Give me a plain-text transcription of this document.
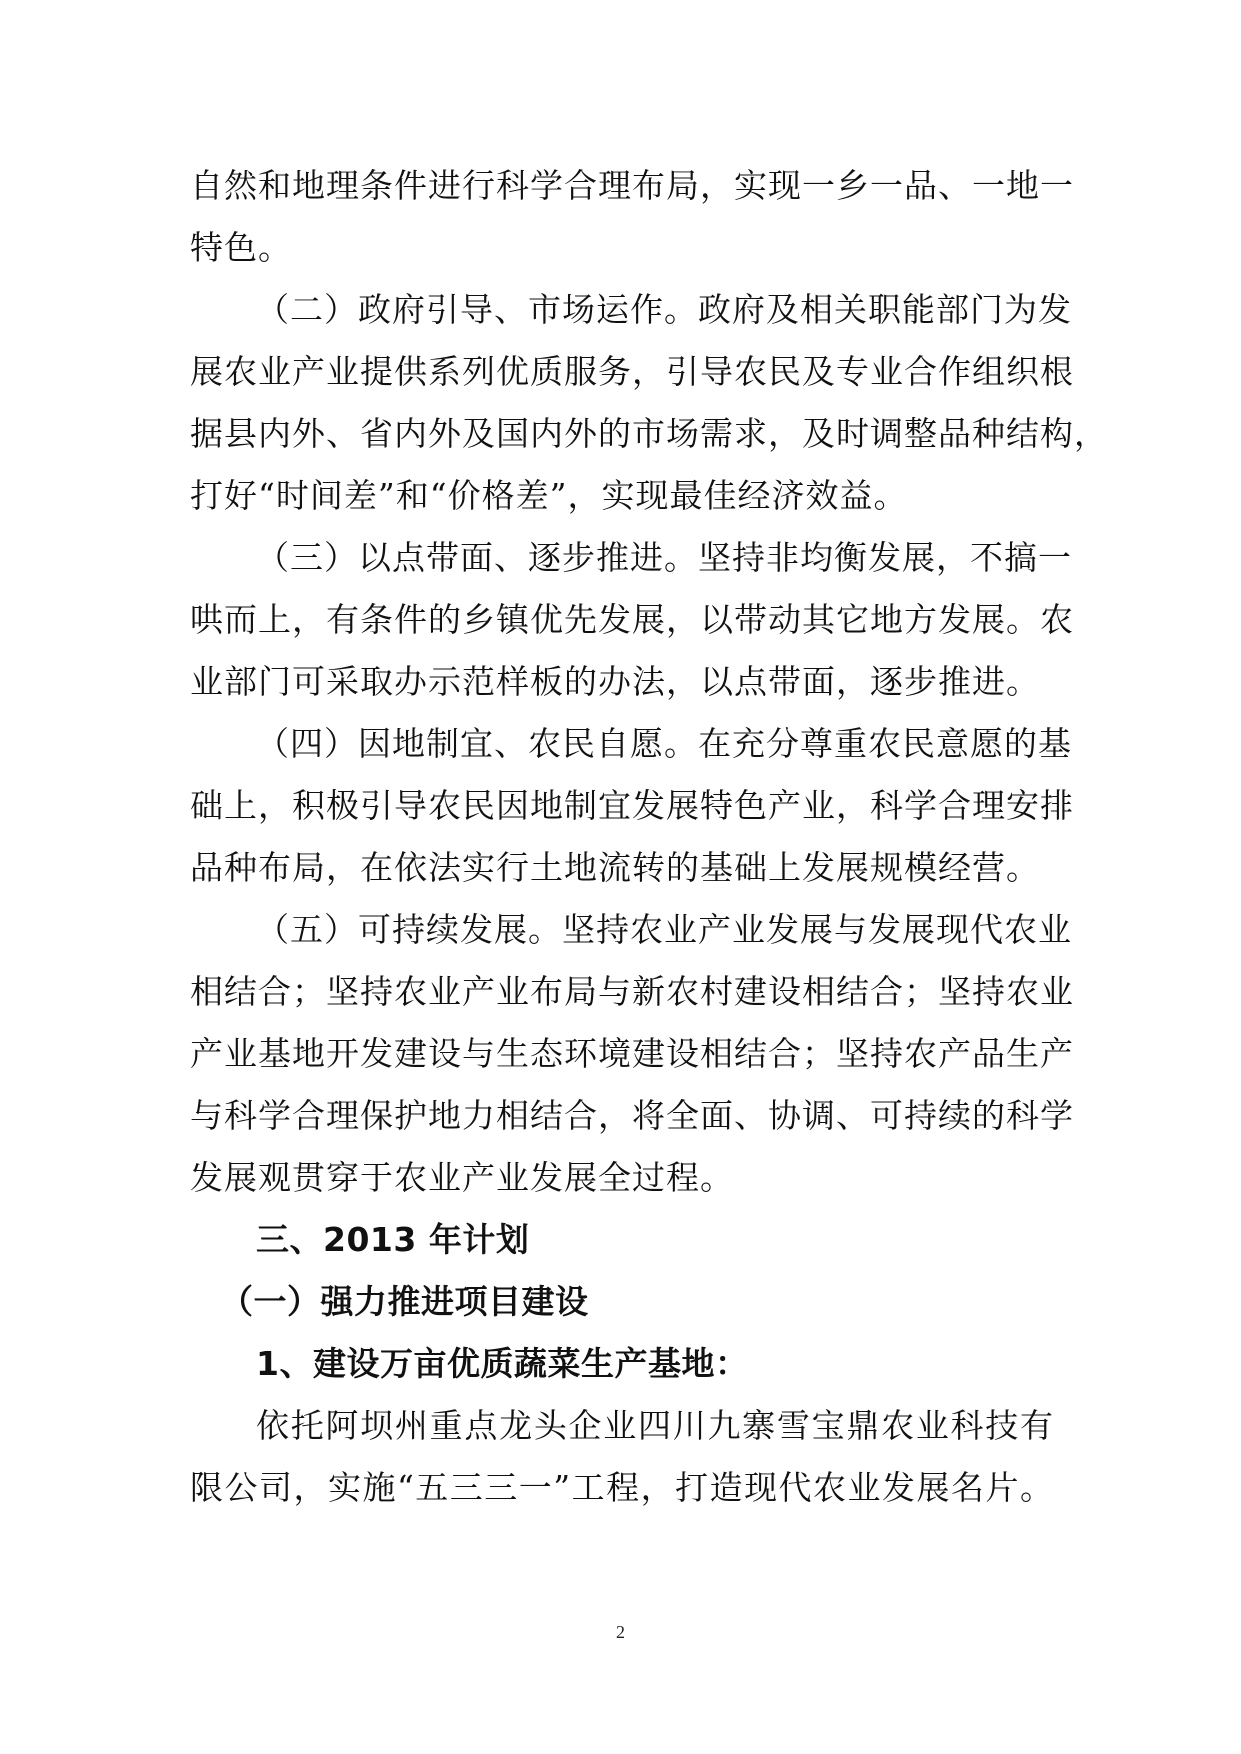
自然和地理条件进行科学合理布局，实现一乡一品、一地一
特色。
（二）政府引导、市场运作。政府及相关职能部门为发
展农业产业提供系列优质服务，引导农民及专业合作组织根
据县内外、省内外及国内外的市场需求，及时调整品种结构，
打好“时间差”和“价格差”，实现最佳经济效益。
（三）以点带面、逐步推进。坚持非均衡发展，不搞一
哄而上，有条件的乡镇优先发展，以带动其它地方发展。农
业部门可采取办示范样板的办法，以点带面，逐步推进。
（四）因地制宜、农民自愿。在充分尊重农民意愿的基
础上，积极引导农民因地制宜发展特色产业，科学合理安排
品种布局，在依法实行土地流转的基础上发展规模经营。
（五）可持续发展。坚持农业产业发展与发展现代农业
相结合；坚持农业产业布局与新农村建设相结合；坚持农业
产业基地开发建设与生态环境建设相结合；坚持农产品生产
与科学合理保护地力相结合，将全面、协调、可持续的科学
发展观贯穿于农业产业发展全过程。
三、2013 年计划
（一）强力推进项目建设
1、建设万亩优质蔬菜生产基地：
依托阿坝州重点龙头企业四川九寨雪宝鼎农业科技有
限公司，实施“五三三一”工程，打造现代农业发展名片。
2
